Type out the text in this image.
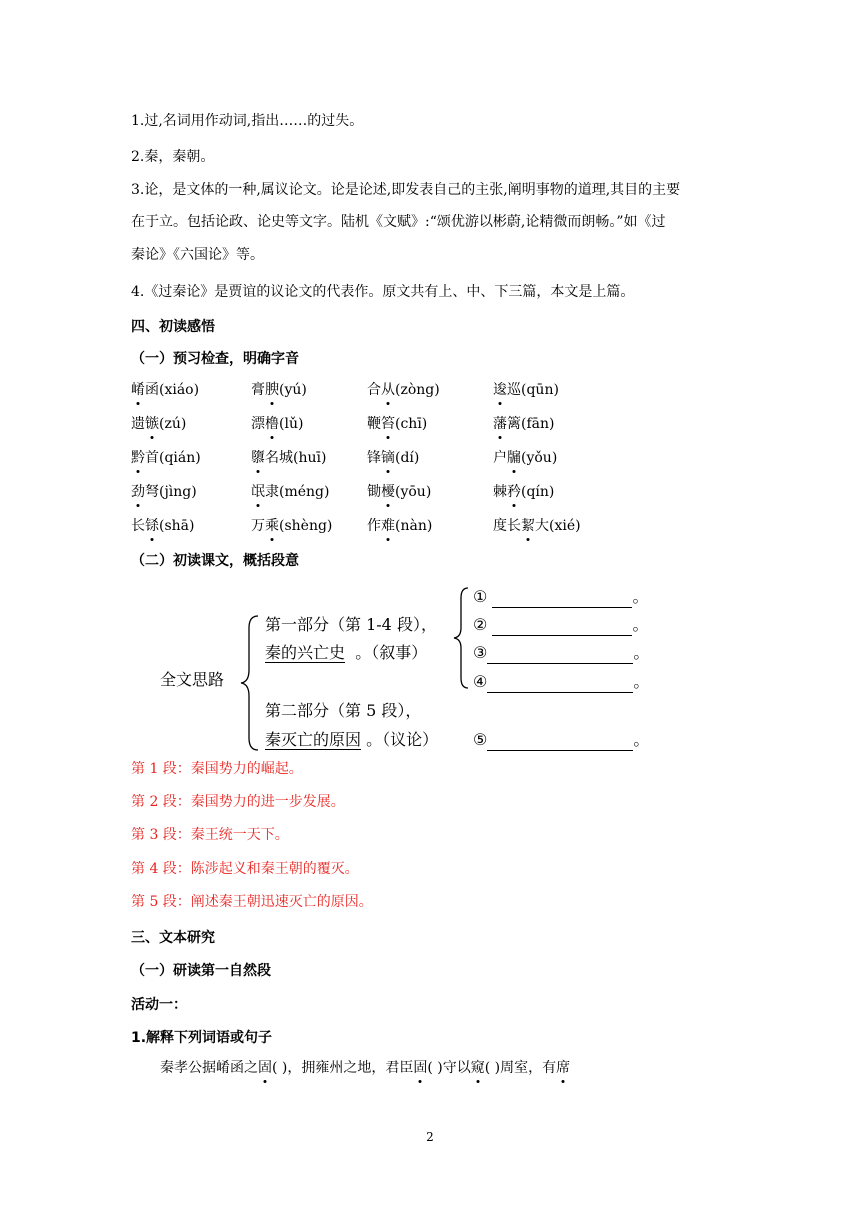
1.过,名词用作动词,指出……的过失。
2.秦，秦朝。
3.论，是文体的一种,属议论文。论是论述,即发表自己的主张,阐明事物的道理,其目的主要
在于立。包括论政、论史等文字。陆机《文赋》:“颂优游以彬蔚,论精微而朗畅。”如《过
秦论》《六国论》等。
4.《过秦论》是贾谊的议论文的代表作。原文共有上、中、下三篇，本文是上篇。
四、初读感悟
（一）预习检查，明确字音
崤函(xiáo)	膏腴(yú)	合从(zòng)	逡巡(qūn)
遗镞(zú)	漂橹(lǔ)	鞭笞(chī)	藩篱(fān)
黔首(qián)	隳名城(huī)	锋镝(dí)	户牖(yǒu)
劲弩(jìng)	氓隶(méng)	锄櫌(yōu)	棘矜(qín)
长铩(shā)	万乘(shèng) 作难(nàn)	度长絜大(xié)
（二）初读课文，概括段意
全文思路
第一部分（第 1-4 段），
秦的兴亡史 。（叙事）
第二部分（第 5 段），
秦灭亡的原因 。（议论）
①	。
②	。
③	。
④	。
⑤	。
第 1 段：秦国势力的崛起。
第 2 段：秦国势力的进一步发展。
第 3 段：秦王统一天下。
第 4 段：陈涉起义和秦王朝的覆灭。
第 5 段：阐述秦王朝迅速灭亡的原因。
三、文本研究
（一）研读第一自然段
活动一：
1.解释下列词语或句子
秦孝公据崤函之固( )，拥雍州之地，君臣固( )守以窥( )周室，有席
2
